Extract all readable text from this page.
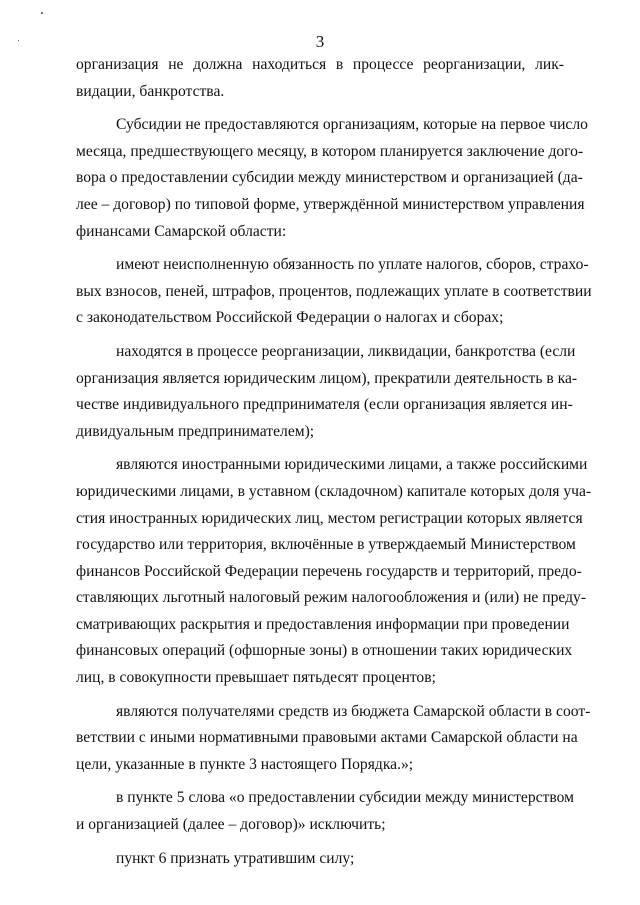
3
организация не должна находиться в процессе реорганизации, лик-
видации, банкротства.
Субсидии не предоставляются организациям, которые на первое число
месяца, предшествующего месяцу, в котором планируется заключение дого-
вора о предоставлении субсидии между министерством и организацией (да-
лее – договор) по типовой форме, утверждённой министерством управления
финансами Самарской области:
имеют неисполненную обязанность по уплате налогов, сборов, страхо-
вых взносов, пеней, штрафов, процентов, подлежащих уплате в соответствии
с законодательством Российской Федерации о налогах и сборах;
находятся в процессе реорганизации, ликвидации, банкротства (если
организация является юридическим лицом), прекратили деятельность в ка-
честве индивидуального предпринимателя (если организация является ин-
дивидуальным предпринимателем);
являются иностранными юридическими лицами, а также российскими
юридическими лицами, в уставном (складочном) капитале которых доля уча-
стия иностранных юридических лиц, местом регистрации которых является
государство или территория, включённые в утверждаемый Министерством
финансов Российской Федерации перечень государств и территорий, предо-
ставляющих льготный налоговый режим налогообложения и (или) не преду-
сматривающих раскрытия и предоставления информации при проведении
финансовых операций (офшорные зоны) в отношении таких юридических
лиц, в совокупности превышает пятьдесят процентов;
являются получателями средств из бюджета Самарской области в соот-
ветствии с иными нормативными правовыми актами Самарской области на
цели, указанные в пункте 3 настоящего Порядка.»;
в пункте 5 слова «о предоставлении субсидии между министерством
и организацией (далее – договор)» исключить;
пункт 6 признать утратившим силу;
